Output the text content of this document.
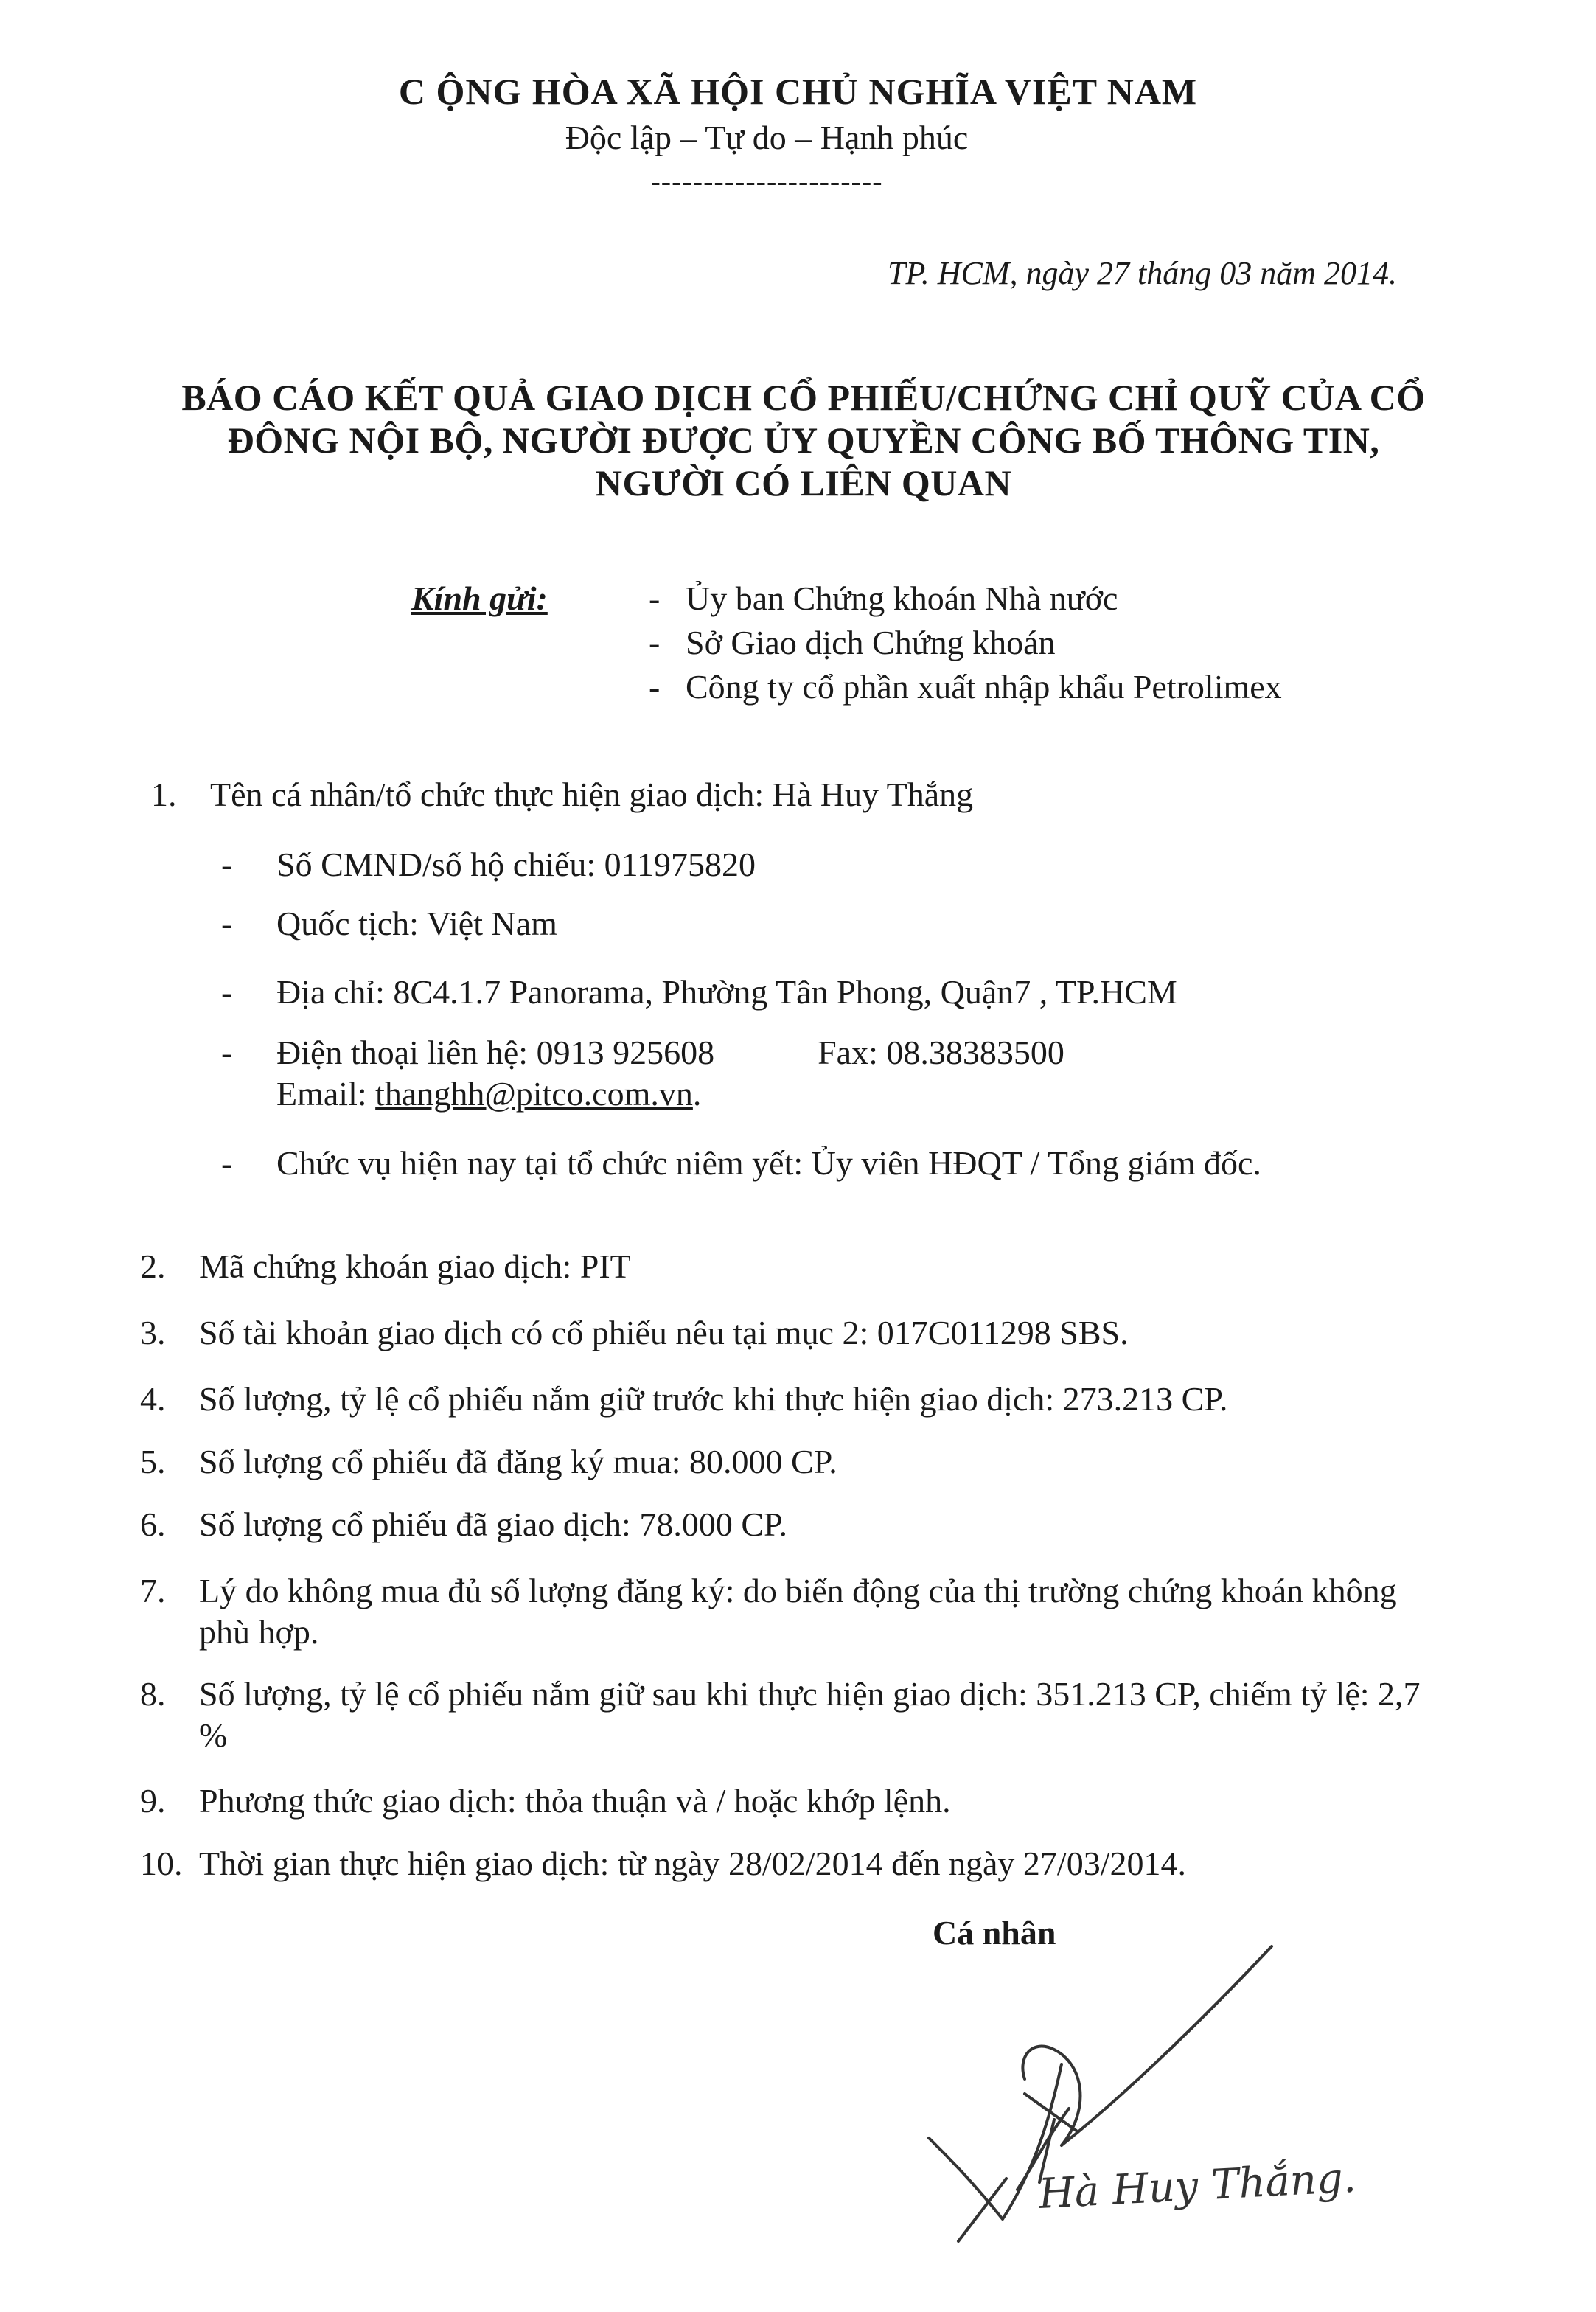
C ỘNG HÒA XÃ HỘI CHỦ NGHĨA VIỆT NAM
Độc lập – Tự do – Hạnh phúc
----------------------
TP. HCM, ngày 27 tháng 03 năm 2014.
BÁO CÁO KẾT QUẢ GIAO DỊCH CỔ PHIẾU/CHỨNG CHỈ QUỸ CỦA CỔ
ĐÔNG NỘI BỘ, NGƯỜI ĐƯỢC ỦY QUYỀN CÔNG BỐ THÔNG TIN,
NGƯỜI CÓ LIÊN QUAN
Kính gửi:	- Ủy ban Chứng khoán Nhà nước
- Sở Giao dịch Chứng khoán
- Công ty cổ phần xuất nhập khẩu Petrolimex
1. Tên cá nhân/tổ chức thực hiện giao dịch: Hà Huy Thắng
- Số CMND/số hộ chiếu: 011975820
- Quốc tịch: Việt Nam
- Địa chỉ: 8C4.1.7 Panorama, Phường Tân Phong, Quận7 , TP.HCM
- Điện thoại liên hệ: 0913 925608	Fax: 08.38383500
Email: thanghh@pitco.com.vn.
- Chức vụ hiện nay tại tổ chức niêm yết: Ủy viên HĐQT / Tổng giám đốc.
2. Mã chứng khoán giao dịch: PIT
3. Số tài khoản giao dịch có cổ phiếu nêu tại mục 2: 017C011298 SBS.
4. Số lượng, tỷ lệ cổ phiếu nắm giữ trước khi thực hiện giao dịch: 273.213 CP.
5. Số lượng cổ phiếu đã đăng ký mua: 80.000 CP.
6. Số lượng cổ phiếu đã giao dịch: 78.000 CP.
7. Lý do không mua đủ số lượng đăng ký: do biến động của thị trường chứng khoán không phù hợp.
8. Số lượng, tỷ lệ cổ phiếu nắm giữ sau khi thực hiện giao dịch: 351.213 CP, chiếm tỷ lệ: 2,7 %
9. Phương thức giao dịch: thỏa thuận và / hoặc khớp lệnh.
10. Thời gian thực hiện giao dịch: từ ngày 28/02/2014 đến ngày 27/03/2014.
Cá nhân
Hà Huy Thắng.
